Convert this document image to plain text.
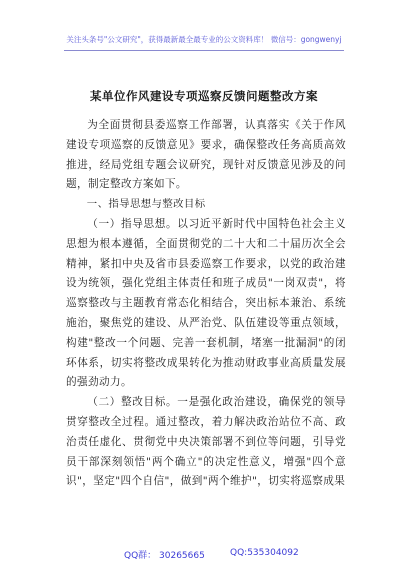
关注头条号"公文研究"，获得最新最全最专业的公文资料库！ 微信号：gongwenyj
某单位作风建设专项巡察反馈问题整改方案

为全面贯彻县委巡察工作部署，认真落实《关于作风建设专项巡察的反馈意见》要求，确保整改任务高质高效推进，经局党组专题会议研究，现针对反馈意见涉及的问题，制定整改方案如下。

一、指导思想与整改目标

（一）指导思想。以习近平新时代中国特色社会主义思想为根本遵循，全面贯彻党的二十大和二十届历次全会精神，紧扣中央及省市县委巡察工作要求，以党的政治建设为统领，强化党组主体责任和班子成员"一岗双责"，将巡察整改与主题教育常态化相结合，突出标本兼治、系统施治，聚焦党的建设、从严治党、队伍建设等重点领域，构建"整改一个问题、完善一套机制，堵塞一批漏洞"的闭环体系，切实将整改成果转化为推动财政事业高质量发展的强劲动力。

（二）整改目标。一是强化政治建设，确保党的领导贯穿整改全过程。通过整改，着力解决政治站位不高、政治责任虚化、贯彻党中央决策部署不到位等问题，引导党员干部深刻领悟"两个确立"的决定性意义，增强"四个意识"，坚定"四个自信"，做到"两个维护"，切实将巡察成果

QQ群： 30265665	QQ:535304092
